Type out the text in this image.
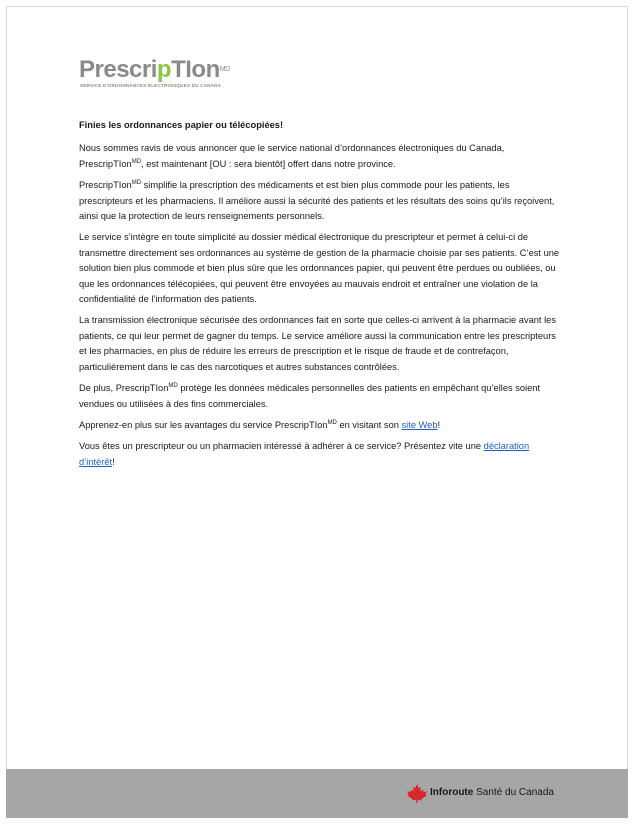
PrescripTIon$^{MD}$
SERVICE D'ORDONNANCES ÉLECTRONIQUES DU CANADA

Finies les ordonnances papier ou télécopiées!

Nous sommes ravis de vous annoncer que le service national d’ordonnances électroniques du Canada, PrescripTIon$^{MD}$, est maintenant [OU : sera bientôt] offert dans notre province.

PrescripTIon$^{MD}$ simplifie la prescription des médicaments et est bien plus commode pour les patients, les prescripteurs et les pharmaciens. Il améliore aussi la sécurité des patients et les résultats des soins qu’ils reçoivent, ainsi que la protection de leurs renseignements personnels.

Le service s’intègre en toute simplicité au dossier médical électronique du prescripteur et permet à celui-ci de transmettre directement ses ordonnances au système de gestion de la pharmacie choisie par ses patients. C’est une solution bien plus commode et bien plus sûre que les ordonnances papier, qui peuvent être perdues ou oubliées, ou que les ordonnances télécopiées, qui peuvent être envoyées au mauvais endroit et entraîner une violation de la confidentialité de l’information des patients.

La transmission électronique sécurisée des ordonnances fait en sorte que celles-ci arrivent à la pharmacie avant les patients, ce qui leur permet de gagner du temps. Le service améliore aussi la communication entre les prescripteurs et les pharmacies, en plus de réduire les erreurs de prescription et le risque de fraude et de contrefaçon, particulièrement dans le cas des narcotiques et autres substances contrôlées.

De plus, PrescripTIon$^{MD}$ protège les données médicales personnelles des patients en empêchant qu’elles soient vendues ou utilisées à des fins commerciales.

Apprenez-en plus sur les avantages du service PrescripTIon$^{MD}$ en visitant son site Web!

Vous êtes un prescripteur ou un pharmacien intéressé à adhérer à ce service? Présentez vite une déclaration d’intérêt!

Inforoute Santé du Canada
